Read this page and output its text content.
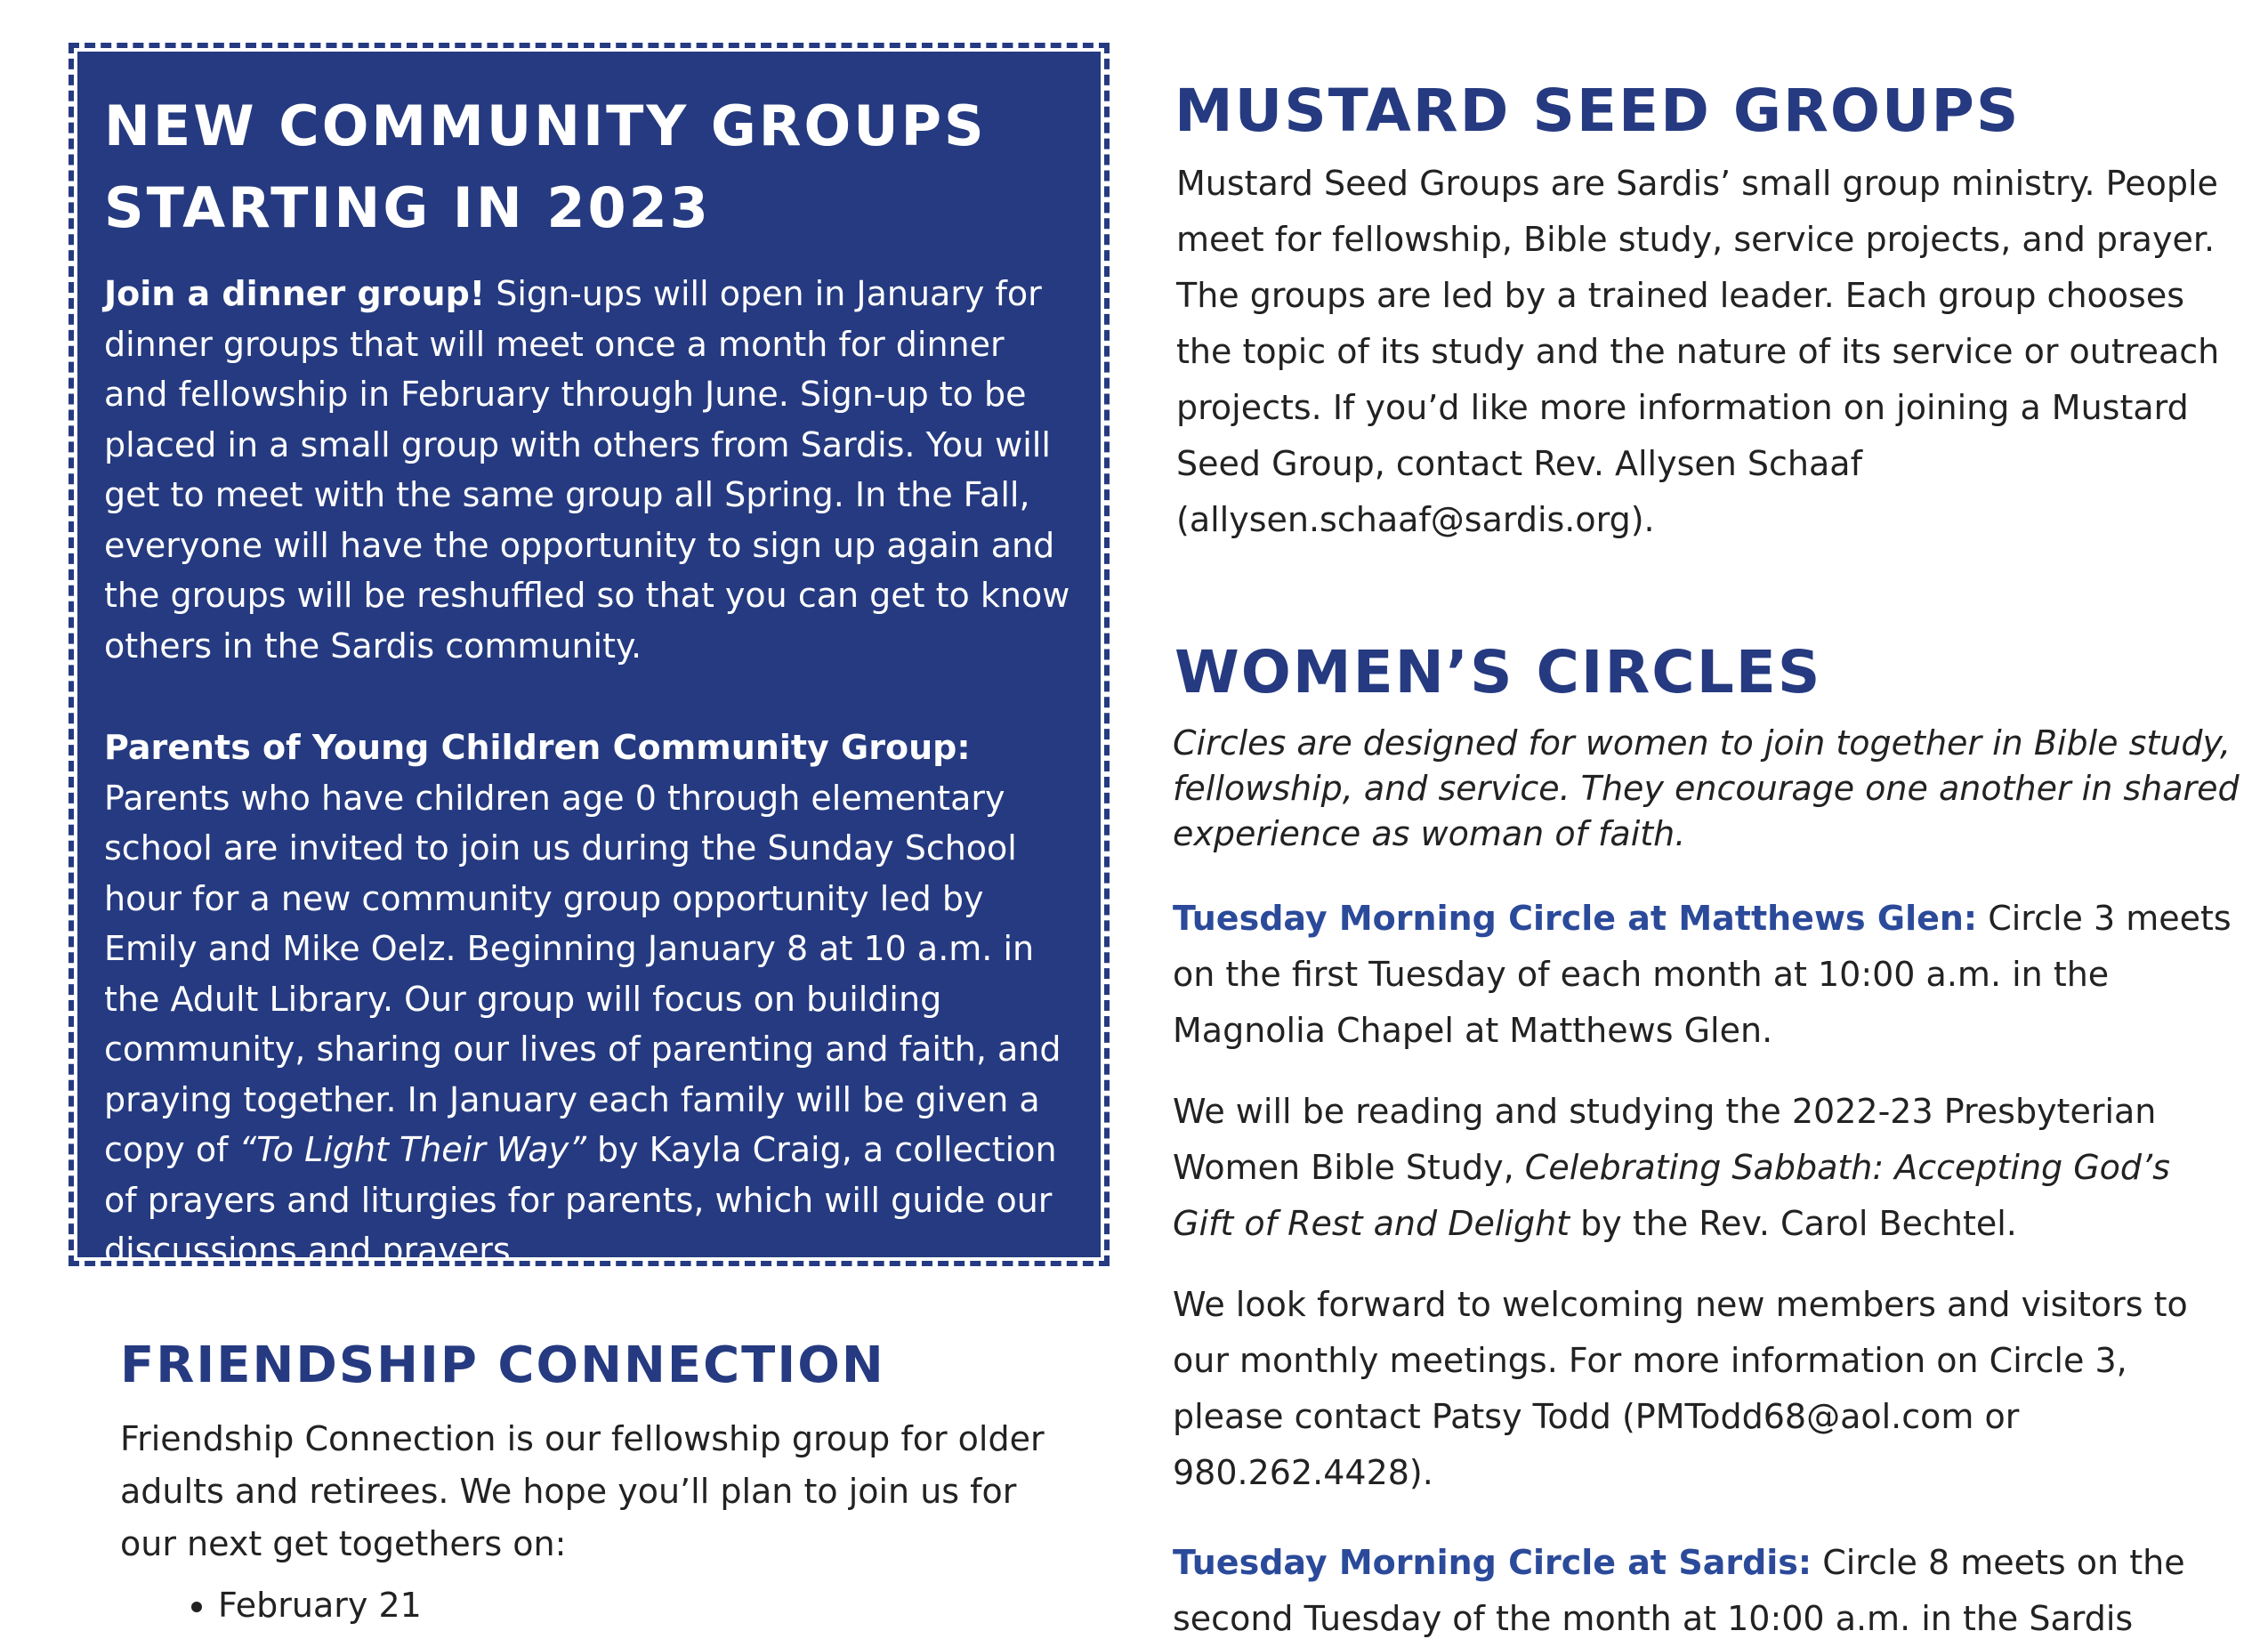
NEW COMMUNITY GROUPS
STARTING IN 2023

Join a dinner group! Sign-ups will open in January for dinner groups that will meet once a month for dinner and fellowship in February through June. Sign-up to be placed in a small group with others from Sardis. You will get to meet with the same group all Spring. In the Fall, everyone will have the opportunity to sign up again and the groups will be reshuffled so that you can get to know others in the Sardis community.

Parents of Young Children Community Group: Parents who have children age 0 through elementary school are invited to join us during the Sunday School hour for a new community group opportunity led by Emily and Mike Oelz. Beginning January 8 at 10 a.m. in the Adult Library. Our group will focus on building community, sharing our lives of parenting and faith, and praying together. In January each family will be given a copy of “To Light Their Way” by Kayla Craig, a collection of prayers and liturgies for parents, which will guide our discussions and prayers.

FRIENDSHIP CONNECTION

Friendship Connection is our fellowship group for older adults and retirees. We hope you’ll plan to join us for our next get togethers on:

• February 21
MUSTARD SEED GROUPS

Mustard Seed Groups are Sardis’ small group ministry. People meet for fellowship, Bible study, service projects, and prayer. The groups are led by a trained leader. Each group chooses the topic of its study and the nature of its service or outreach projects. If you’d like more information on joining a Mustard Seed Group, contact Rev. Allysen Schaaf (allysen.schaaf@sardis.org).

WOMEN’S CIRCLES

Circles are designed for women to join together in Bible study, fellowship, and service. They encourage one another in shared experience as woman of faith.

Tuesday Morning Circle at Matthews Glen: Circle 3 meets on the first Tuesday of each month at 10:00 a.m. in the Magnolia Chapel at Matthews Glen.

We will be reading and studying the 2022-23 Presbyterian Women Bible Study, Celebrating Sabbath: Accepting God’s Gift of Rest and Delight by the Rev. Carol Bechtel.

We look forward to welcoming new members and visitors to our monthly meetings. For more information on Circle 3, please contact Patsy Todd (PMTodd68@aol.com or 980.262.4428).

Tuesday Morning Circle at Sardis: Circle 8 meets on the second Tuesday of the month at 10:00 a.m. in the Sardis
